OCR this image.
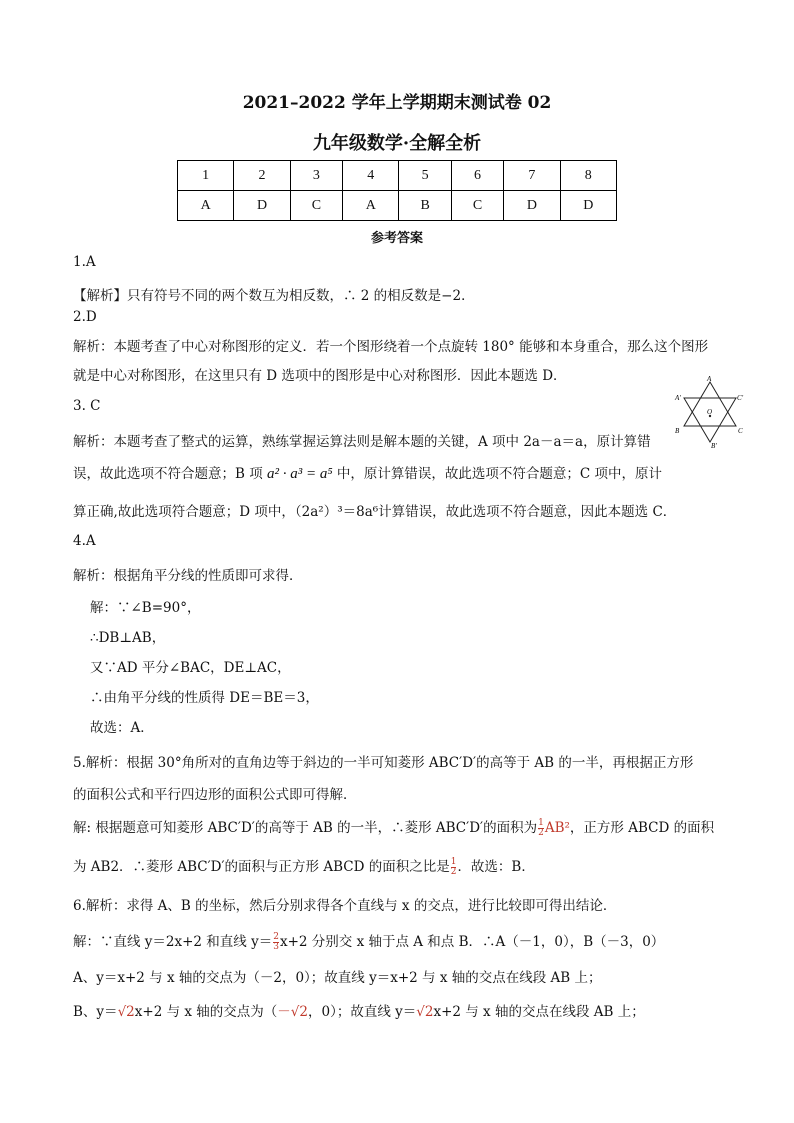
2021–2022 学年上学期期末测试卷 02
九年级数学·全解全析
1	2	3	4	5	6	7	8
A	D	C	A	B	C	D	D
参考答案
1.A
【解析】只有符号不同的两个数互为相反数，∴ 2 的相反数是−2．
2.D
解析：本题考查了中心对称图形的定义．若一个图形绕着一个点旋转 180° 能够和本身重合，那么这个图形
就是中心对称图形，在这里只有 D 选项中的图形是中心对称图形．因此本题选 D．
3. C
解析：本题考查了整式的运算，熟练掌握运算法则是解本题的关键，A 项中 2a－a＝a，原计算错
误，故此选项不符合题意；B 项 a² · a³ = a⁵ 中，原计算错误，故此选项不符合题意；C 项中，原计
算正确,故此选项符合题意；D 项中，（2a²）³＝8a⁶计算错误，故此选项不符合题意，因此本题选 C．
A
A'	C'
B	C
B'
O
4.A
解析：根据角平分线的性质即可求得．
解：∵∠B=90°，
∴DB⊥AB，
又∵AD 平分∠BAC，DE⊥AC，
∴由角平分线的性质得 DE＝BE＝3，
故选：A．
5.解析：根据 30°角所对的直角边等于斜边的一半可知菱形 ABC′D′的高等于 AB 的一半，再根据正方形
的面积公式和平行四边形的面积公式即可得解．
解: 根据题意可知菱形 ABC′D′的高等于 AB 的一半，∴菱形 ABC′D′的面积为 $\frac{1}{2} AB^2$，正方形 ABCD 的面积
为 AB2．∴菱形 ABC′D′的面积与正方形 ABCD 的面积之比是 $\frac{1}{2}$ ．故选：B．
6.解析：求得 A、B 的坐标，然后分别求得各个直线与 x 的交点，进行比较即可得出结论．
解：∵直线 y＝2x+2 和直线 $y= \frac{2}{3} x+2$ 分别交 x 轴于点 A 和点 B．∴A（－1，0），B（－3，0）
A、y＝x+2 与 x 轴的交点为（－2，0）；故直线 y＝x+2 与 x 轴的交点在线段 AB 上；
B、y＝√2x+2 与 x 轴的交点为（－√2，0）；故直线 y＝√2x+2 与 x 轴的交点在线段 AB 上；
